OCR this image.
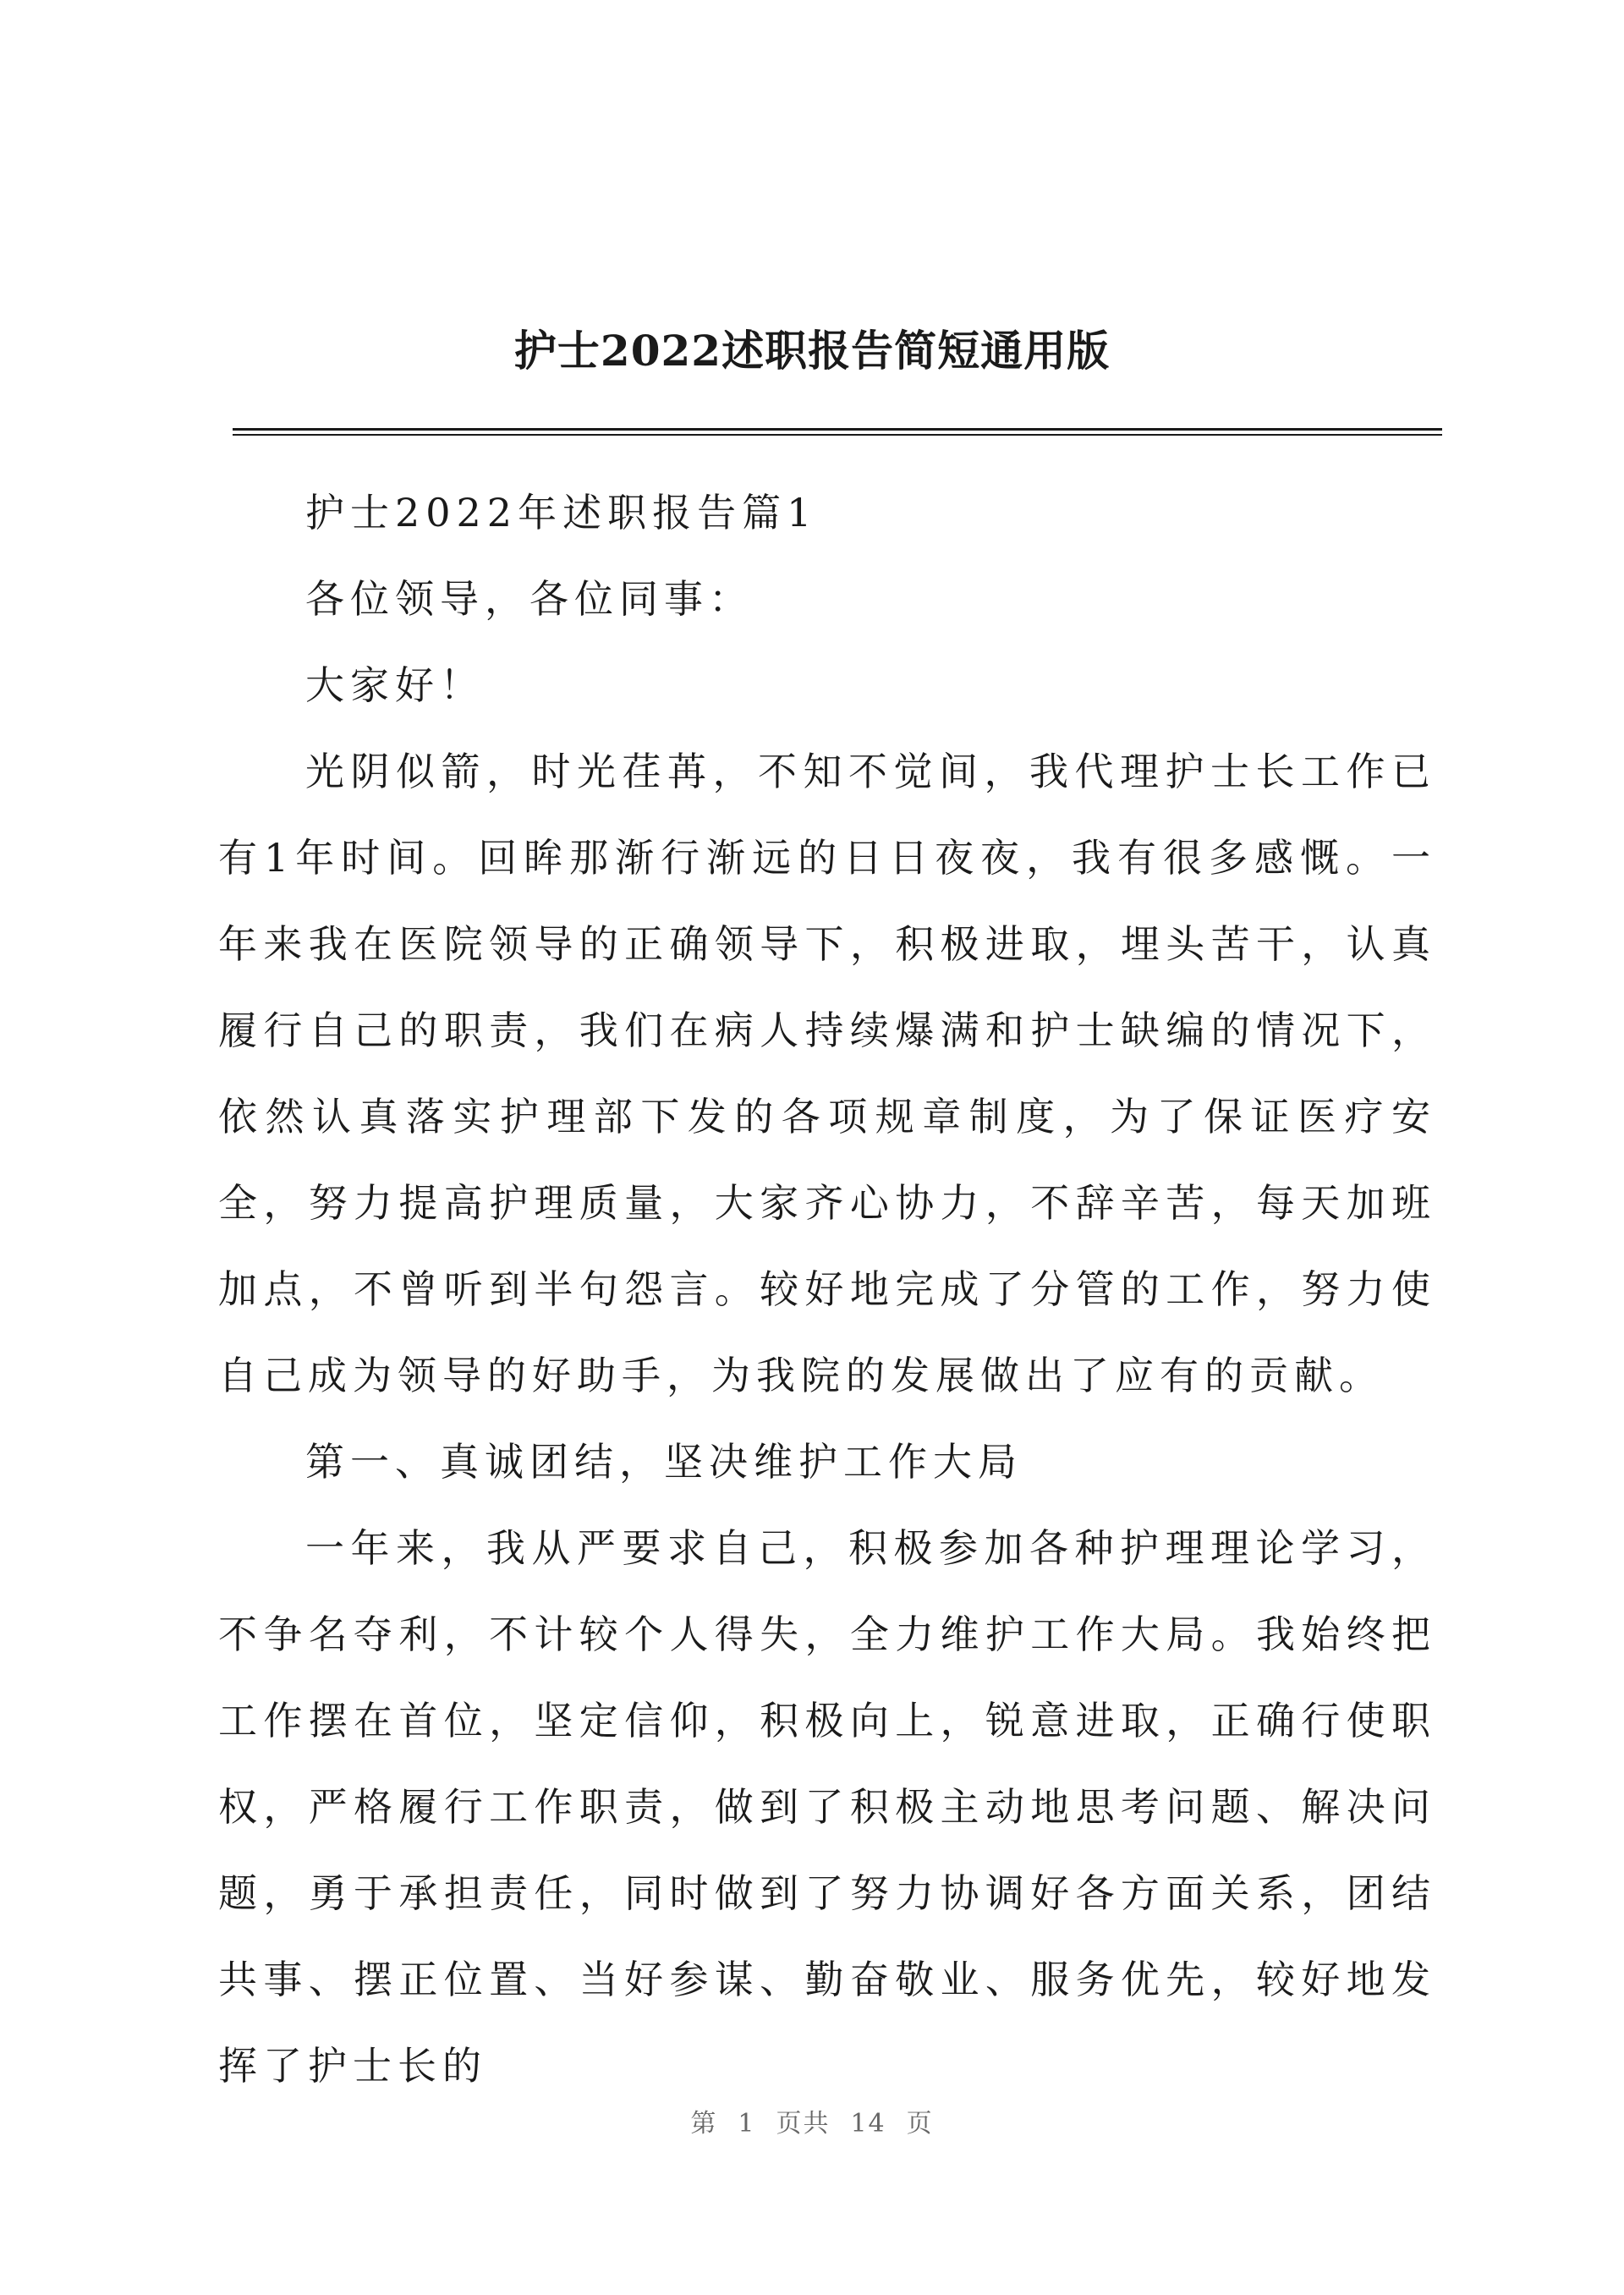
护士2022述职报告简短通用版

护士2022年述职报告篇1

各位领导，各位同事：

大家好！

光阴似箭，时光荏苒，不知不觉间，我代理护士长工作已有1年时间。回眸那渐行渐远的日日夜夜，我有很多感慨。一年来我在医院领导的正确领导下，积极进取，埋头苦干，认真履行自己的职责，我们在病人持续爆满和护士缺编的情况下，依然认真落实护理部下发的各项规章制度，为了保证医疗安全，努力提高护理质量，大家齐心协力，不辞辛苦，每天加班加点，不曾听到半句怨言。较好地完成了分管的工作，努力使自己成为领导的好助手，为我院的发展做出了应有的贡献。

第一、真诚团结，坚决维护工作大局

一年来，我从严要求自己，积极参加各种护理理论学习，不争名夺利，不计较个人得失，全力维护工作大局。我始终把工作摆在首位，坚定信仰，积极向上，锐意进取，正确行使职权，严格履行工作职责，做到了积极主动地思考问题、解决问题，勇于承担责任，同时做到了努力协调好各方面关系，团结共事、摆正位置、当好参谋、勤奋敬业、服务优先，较好地发挥了护士长的

第 1 页共 14 页
